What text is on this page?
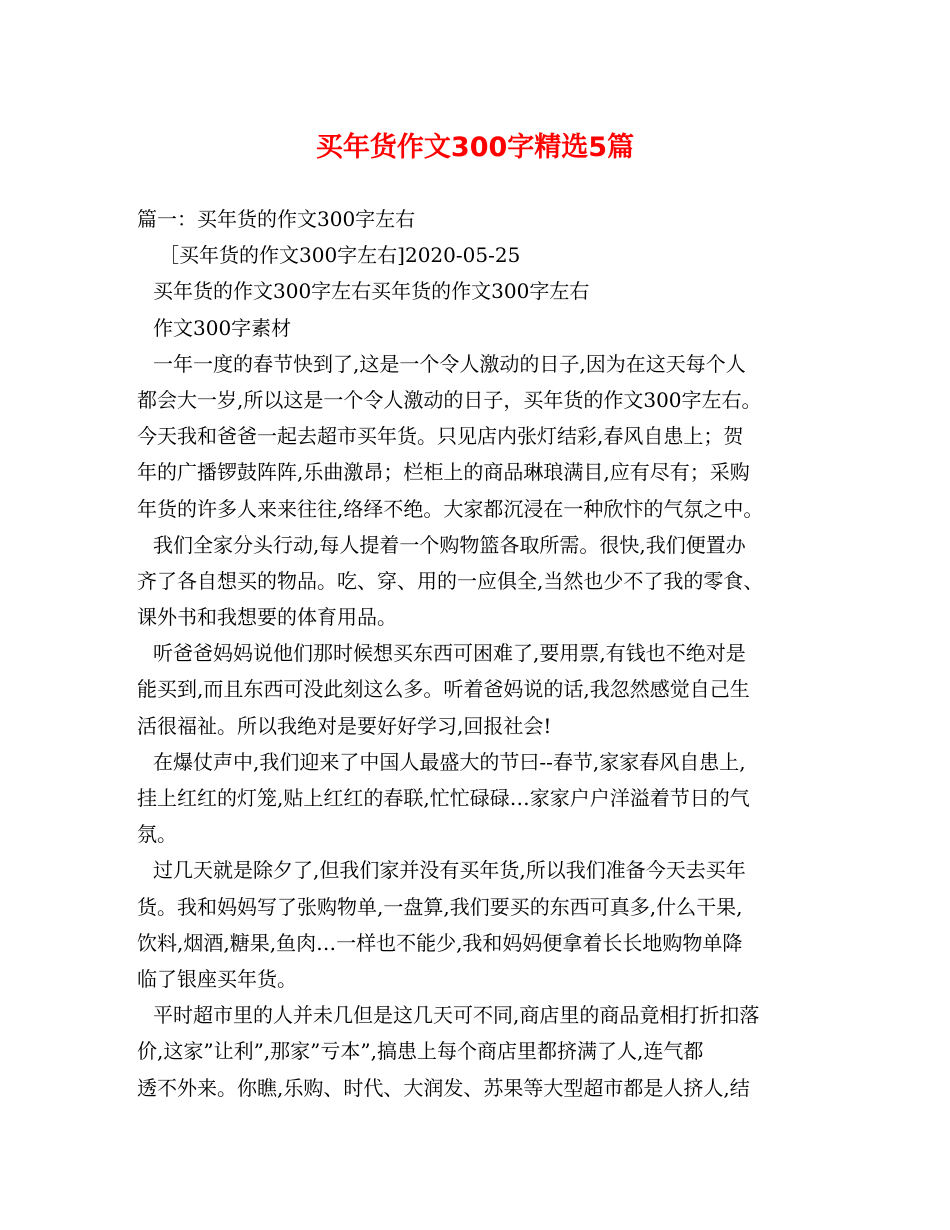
买年货作文300字精选5篇
篇一：买年货的作文300字左右
［买年货的作文300字左右]2020-05-25
买年货的作文300字左右买年货的作文300字左右
作文300字素材
一年一度的春节快到了,这是一个令人激动的日子,因为在这天每个人
都会大一岁,所以这是一个令人激动的日子，买年货的作文300字左右。
今天我和爸爸一起去超市买年货。只见店内张灯结彩,春风自患上；贺
年的广播锣鼓阵阵,乐曲激昂；栏柜上的商品琳琅满目,应有尽有；采购
年货的许多人来来往往,络绎不绝。大家都沉浸在一种欣忭的气氛之中。
我们全家分头行动,每人提着一个购物篮各取所需。很快,我们便置办
齐了各自想买的物品。吃、穿、用的一应俱全,当然也少不了我的零食、
课外书和我想要的体育用品。
听爸爸妈妈说他们那时候想买东西可困难了,要用票,有钱也不绝对是
能买到,而且东西可没此刻这么多。听着爸妈说的话,我忽然感觉自己生
活很福祉。所以我绝对是要好好学习,回报社会!
在爆仗声中,我们迎来了中国人最盛大的节曰--春节,家家春风自患上,
挂上红红的灯笼,贴上红红的春联,忙忙碌碌…家家户户洋溢着节日的气
氛。
过几天就是除夕了,但我们家并没有买年货,所以我们准备今天去买年
货。我和妈妈写了张购物单,一盘算,我们要买的东西可真多,什么干果,
饮料,烟酒,糖果,鱼肉…一样也不能少,我和妈妈便拿着长长地购物单降
临了银座买年货。
平时超市里的人并未几但是这几天可不同,商店里的商品竟相打折扣落
价,这家”让利”,那家”亏本”,搞患上每个商店里都挤满了人,连气都
透不外来。你瞧,乐购、时代、大润发、苏果等大型超市都是人挤人,结
